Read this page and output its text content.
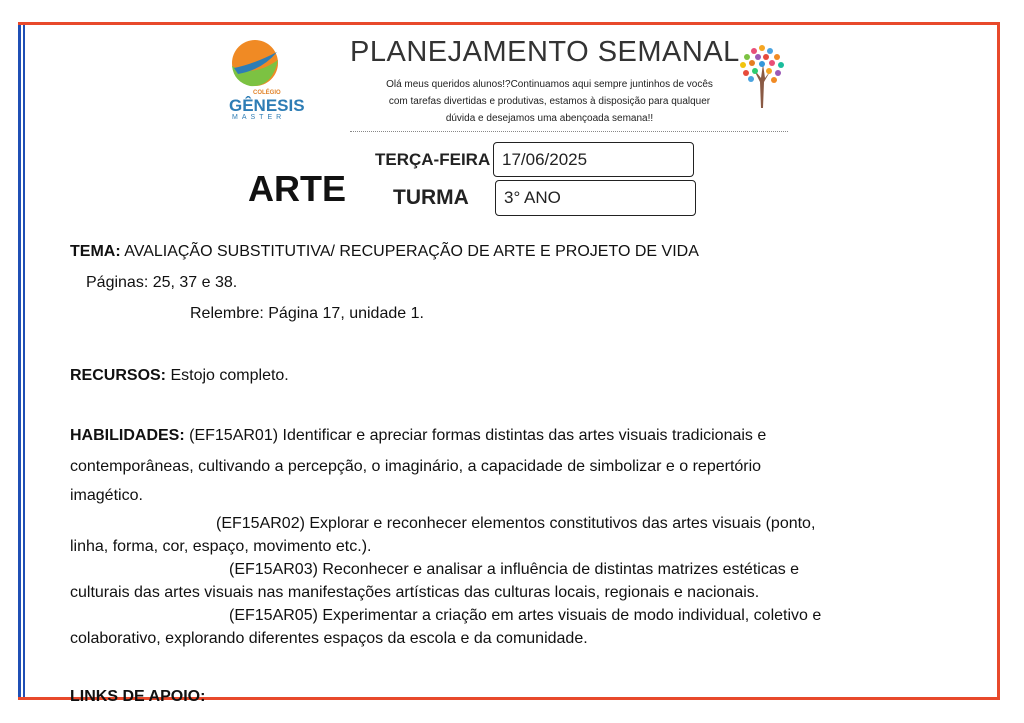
COLÉGIO
GÊNESIS
MASTER
PLANEJAMENTO SEMANAL
Olá meus queridos alunos!?Continuamos aqui sempre juntinhos de vocês
com tarefas divertidas e produtivas, estamos à disposição para qualquer
dúvida e desejamos uma abençoada semana!!
ARTE
TERÇA-FEIRA 17/06/2025
TURMA	3° ANO
TEMA: AVALIAÇÃO SUBSTITUTIVA/ RECUPERAÇÃO DE ARTE E PROJETO DE VIDA
Páginas: 25, 37 e 38.
Relembre: Página 17, unidade 1.
RECURSOS: Estojo completo.
HABILIDADES: (EF15AR01) Identificar e apreciar formas distintas das artes visuais tradicionais e
contemporâneas, cultivando a percepção, o imaginário, a capacidade de simbolizar e o repertório
imagético.
(EF15AR02) Explorar e reconhecer elementos constitutivos das artes visuais (ponto,
linha, forma, cor, espaço, movimento etc.).
(EF15AR03) Reconhecer e analisar a influência de distintas matrizes estéticas e
culturais das artes visuais nas manifestações artísticas das culturas locais, regionais e nacionais.
(EF15AR05) Experimentar a criação em artes visuais de modo individual, coletivo e
colaborativo, explorando diferentes espaços da escola e da comunidade.
LINKS DE APOIO:
